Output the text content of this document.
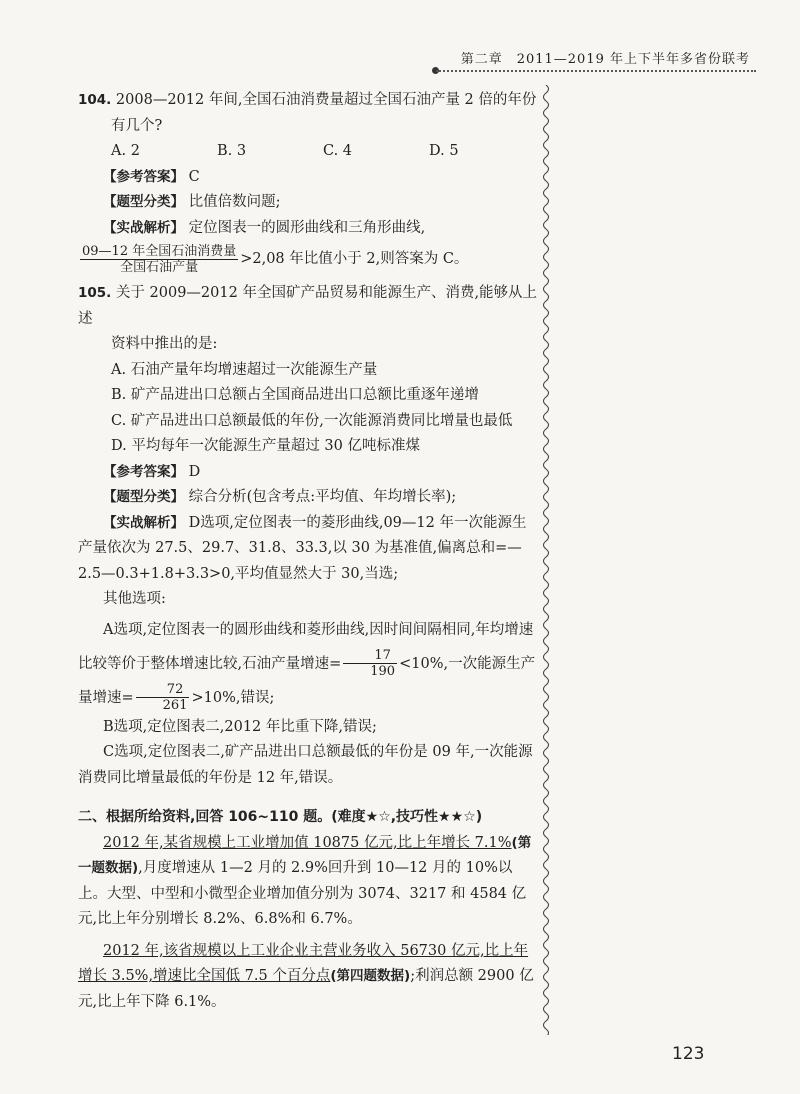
第二章　2011—2019 年上下半年多省份联考

104. 2008—2012 年间,全国石油消费量超过全国石油产量 2 倍的年份

有几个?

A. 2	B. 3	C. 4	D. 5
【参考答案】 C
【题型分类】 比值倍数问题;
【实战解析】 定位图表一的圆形曲线和三角形曲线,
$\frac{\text{09—12 年全国石油消费量}}{\text{全国石油产量}} >2,08$ 年比值小于 2,则答案为 C。

105. 关于 2009—2012 年全国矿产品贸易和能源生产、消费,能够从上述

资料中推出的是:

A. 石油产量年均增速超过一次能源生产量

B. 矿产品进出口总额占全国商品进出口总额比重逐年递增

C. 矿产品进出口总额最低的年份,一次能源消费同比增量也最低

D. 平均每年一次能源生产量超过 30 亿吨标准煤

【参考答案】 D
【题型分类】 综合分析(包含考点:平均值、年均增长率);

【实战解析】 D选项,定位图表一的菱形曲线,09—12 年一次能源生产量依次为 27.5、29.7、31.8、33.3,以 30 为基准值,偏离总和=—2.5—0.3+1.8+3.3>0,平均值显然大于 30,当选;

其他选项:

A选项,定位图表一的圆形曲线和菱形曲线,因时间间隔相同,年均增速比较等价于整体增速比较,石油产量增速= $\frac{17}{190} <10\%$,一次能源生产量增速= $\frac{72}{261} >10\%$,错误;

B选项,定位图表二,2012 年比重下降,错误;

C选项,定位图表二,矿产品进出口总额最低的年份是 09 年,一次能源消费同比增量最低的年份是 12 年,错误。

二、根据所给资料,回答 106~110 题。(难度★☆,技巧性★★☆)

2012 年,某省规模上工业增加值 10875 亿元,比上年增长 7.1%(第一题数据),月度增速从 1—2 月的 2.9%回升到 10—12 月的 10%以上。大型、中型和小微型企业增加值分别为 3074、3217 和 4584 亿元,比上年分别增长 8.2%、6.8%和 6.7%。

2012 年,该省规模以上工业企业主营业务收入 56730 亿元,比上年增长 3.5%,增速比全国低 7.5 个百分点(第四题数据);利润总额 2900 亿元,比上年下降 6.1%。

123
